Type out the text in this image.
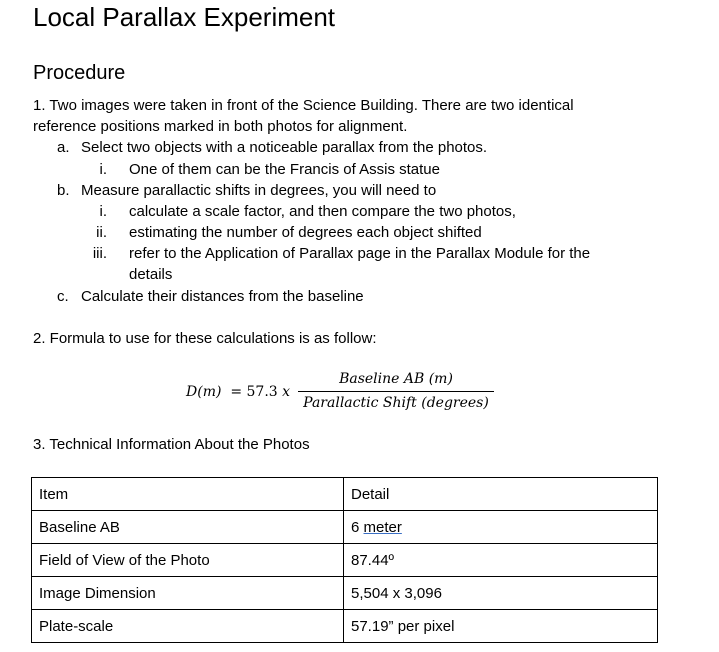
Local Parallax Experiment
Procedure
1. Two images were taken in front of the Science Building. There are two identical
reference positions marked in both photos for alignment.
a. Select two objects with a noticeable parallax from the photos.
i. One of them can be the Francis of Assis statue
b. Measure parallactic shifts in degrees, you will need to
i. calculate a scale factor, and then compare the two photos,
ii. estimating the number of degrees each object shifted
iii. refer to the Application of Parallax page in the Parallax Module for the
details
c. Calculate their distances from the baseline
2. Formula to use for these calculations is as follow:
D(m) = 57.3 x
Baseline AB (m)
Parallactic Shift (degrees)
3. Technical Information About the Photos
Item	Detail
Baseline AB	6 meter
Field of View of the Photo	87.44º
Image Dimension	5,504 x 3,096
Plate-scale	57.19” per pixel
